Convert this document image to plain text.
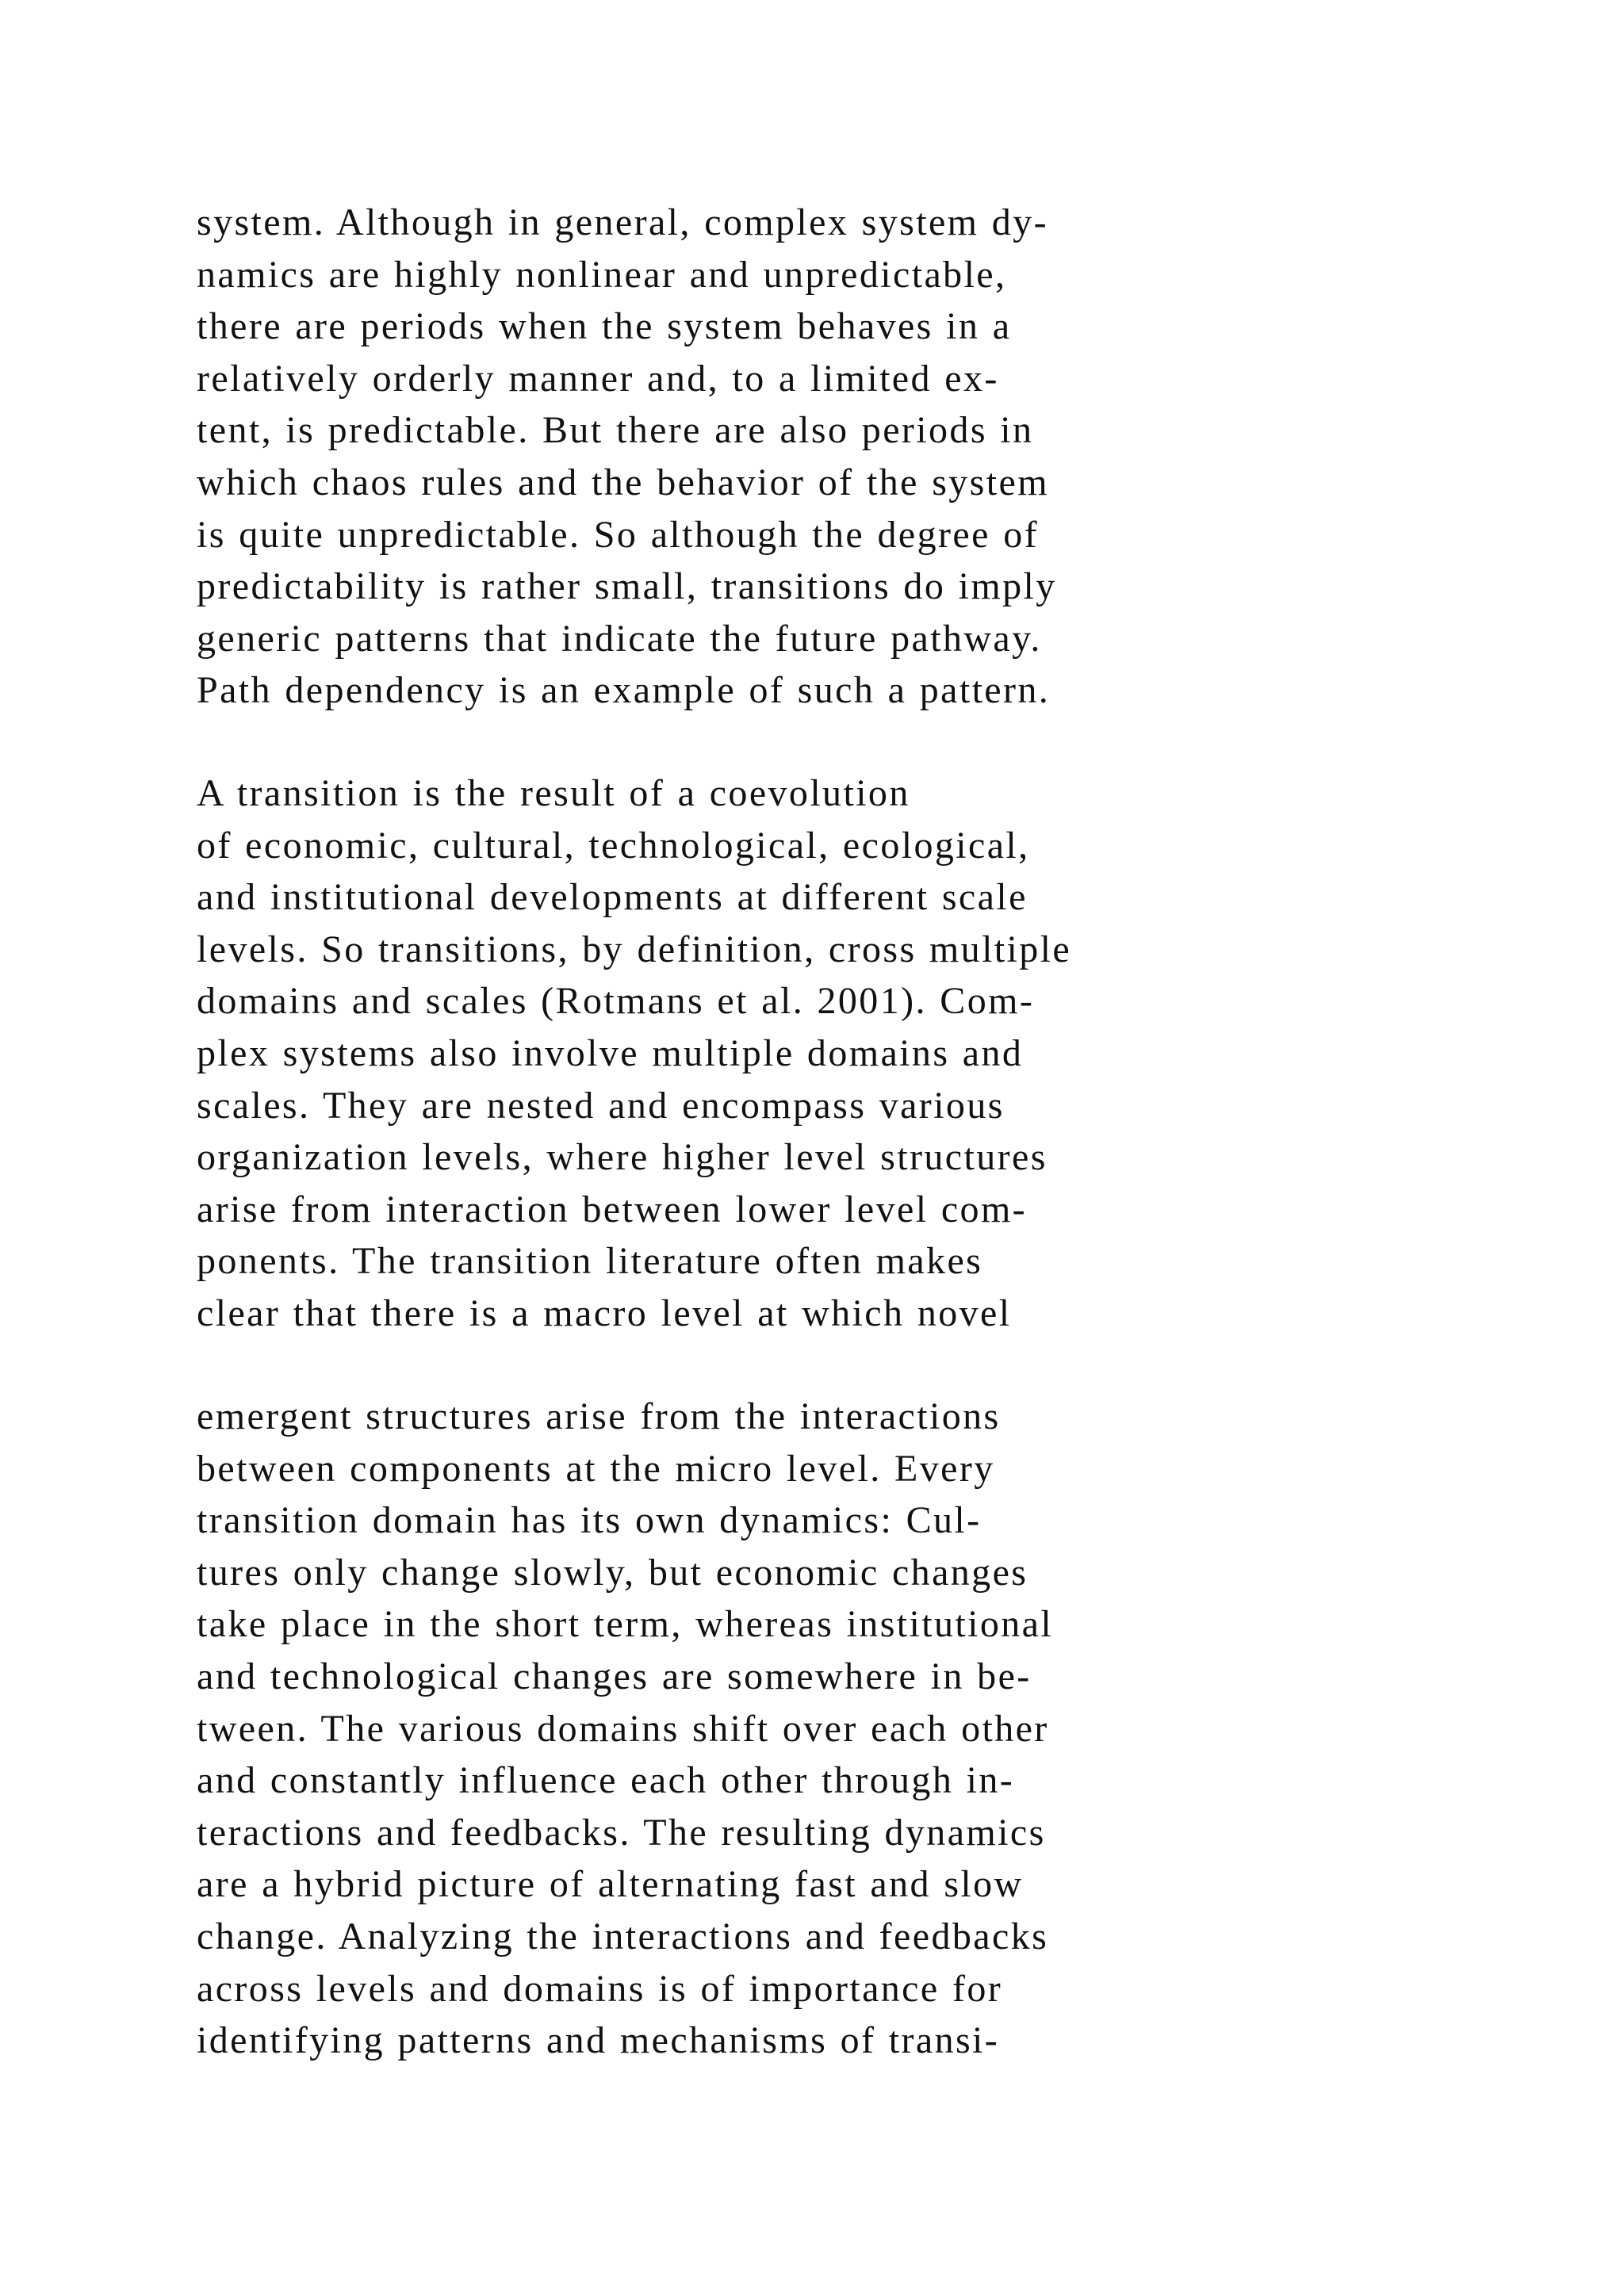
system. Although in general, complex system dy-
namics are highly nonlinear and unpredictable,
there are periods when the system behaves in a
relatively orderly manner and, to a limited ex-
tent, is predictable. But there are also periods in
which chaos rules and the behavior of the system
is quite unpredictable. So although the degree of
predictability is rather small, transitions do imply
generic patterns that indicate the future pathway.
Path dependency is an example of such a pattern.
A transition is the result of a coevolution
of economic, cultural, technological, ecological,
and institutional developments at different scale
levels. So transitions, by definition, cross multiple
domains and scales (Rotmans et al. 2001). Com-
plex systems also involve multiple domains and
scales. They are nested and encompass various
organization levels, where higher level structures
arise from interaction between lower level com-
ponents. The transition literature often makes
clear that there is a macro level at which novel
emergent structures arise from the interactions
between components at the micro level. Every
transition domain has its own dynamics: Cul-
tures only change slowly, but economic changes
take place in the short term, whereas institutional
and technological changes are somewhere in be-
tween. The various domains shift over each other
and constantly influence each other through in-
teractions and feedbacks. The resulting dynamics
are a hybrid picture of alternating fast and slow
change. Analyzing the interactions and feedbacks
across levels and domains is of importance for
identifying patterns and mechanisms of transi-
